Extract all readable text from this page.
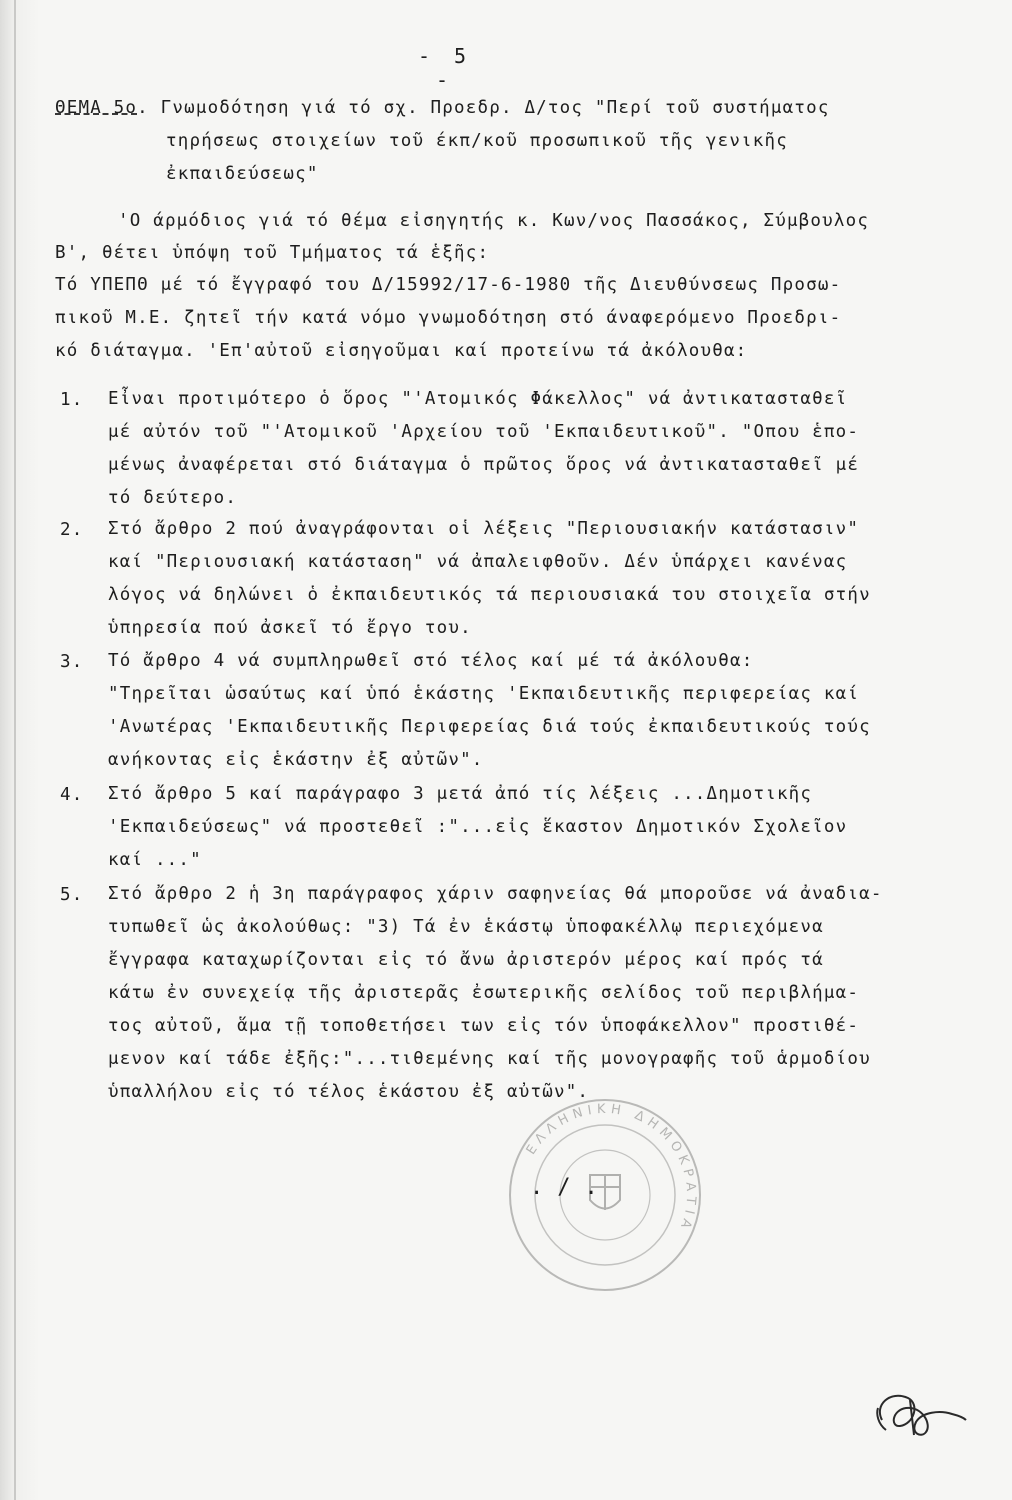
- 5 -
ΘΕΜΑ 5ο. Γνωμοδότηση γιά τό σχ. Προεδρ. Δ/τος "Περί τοῦ συστήματος
τηρήσεως στοιχείων τοῦ έκπ/κοῦ προσωπικοῦ τῆς γενικῆς
ἐκπαιδεύσεως"
'Ο άρμόδιος γιά τό θέμα εἰσηγητής κ. Κων/νος Πασσάκος, Σύμβουλος
Β', θέτει ὑπόψη τοῦ Τμήματος τά ἑξῆς:
Τό ΥΠΕΠΘ μέ τό ἔγγραφό του Δ/15992/17-6-1980 τῆς Διευθύνσεως Προσω-
πικοῦ Μ.Ε. ζητεῖ τήν κατά νόμο γνωμοδότηση στό άναφερόμενο Προεδρι-
κό διάταγμα. 'Επ'αὐτοῦ εἰσηγοῦμαι καί προτείνω τά ἀκόλουθα:
1. Εἶναι προτιμότερο ὁ ὅρος "'Ατομικός Φάκελλος" νά ἀντικατασταθεῖ
μέ αὐτόν τοῦ "'Ατομικοῦ 'Αρχείου τοῦ 'Εκπαιδευτικοῦ". "Οπου ἑπο-
μένως ἀναφέρεται στό διάταγμα ὁ πρῶτος ὅρος νά ἀντικατασταθεῖ μέ
τό δεύτερο.
2. Στό ἄρθρο 2 πού ἀναγράφονται οἱ λέξεις "Περιουσιακήν κατάστασιν"
καί "Περιουσιακή κατάσταση" νά ἀπαλειφθοῦν. Δέν ὑπάρχει κανένας
λόγος νά δηλώνει ὁ ἐκπαιδευτικός τά περιουσιακά του στοιχεῖα στήν
ὑπηρεσία πού ἀσκεῖ τό ἔργο του.
3. Τό ἄρθρο 4 νά συμπληρωθεῖ στό τέλος καί μέ τά ἀκόλουθα:
"Τηρεῖται ὡσαύτως καί ὑπό ἑκάστης 'Εκπαιδευτικῆς περιφερείας καί
'Ανωτέρας 'Εκπαιδευτικῆς Περιφερείας διά τούς ἐκπαιδευτικούς τούς
ανήκοντας εἰς ἑκάστην ἐξ αὐτῶν".
4. Στό ἄρθρο 5 καί παράγραφο 3 μετά ἀπό τίς λέξεις ...Δημοτικῆς
'Εκπαιδεύσεως" νά προστεθεῖ :"...εἰς ἕκαστον Δημοτικόν Σχολεῖον
καί ..."
5. Στό ἄρθρο 2 ἡ 3η παράγραφος χάριν σαφηνείας θά μποροῦσε νά ἀναδια-
τυπωθεῖ ὡς ἀκολούθως: "3) Τά ἐν ἑκάστῳ ὑποφακέλλῳ περιεχόμενα
ἔγγραφα καταχωρίζονται εἰς τό ἄνω ἀριστερόν μέρος καί πρός τά
κάτω ἐν συνεχείᾳ τῆς ἀριστερᾶς ἐσωτερικῆς σελίδος τοῦ περιβλήμα-
τος αὐτοῦ, ἅμα τῇ τοποθετήσει των εἰς τόν ὑποφάκελλον" προστιθέ-
μενον καί τάδε ἐξῆς:"...τιθεμένης καί τῆς μονογραφῆς τοῦ ἁρμοδίου
ὑπαλλήλου εἰς τό τέλος ἑκάστου ἐξ αὐτῶν".
ΕΛΛΗΝΙΚΗ ΔΗΜΟΚΡΑΤΙΑ
./.
